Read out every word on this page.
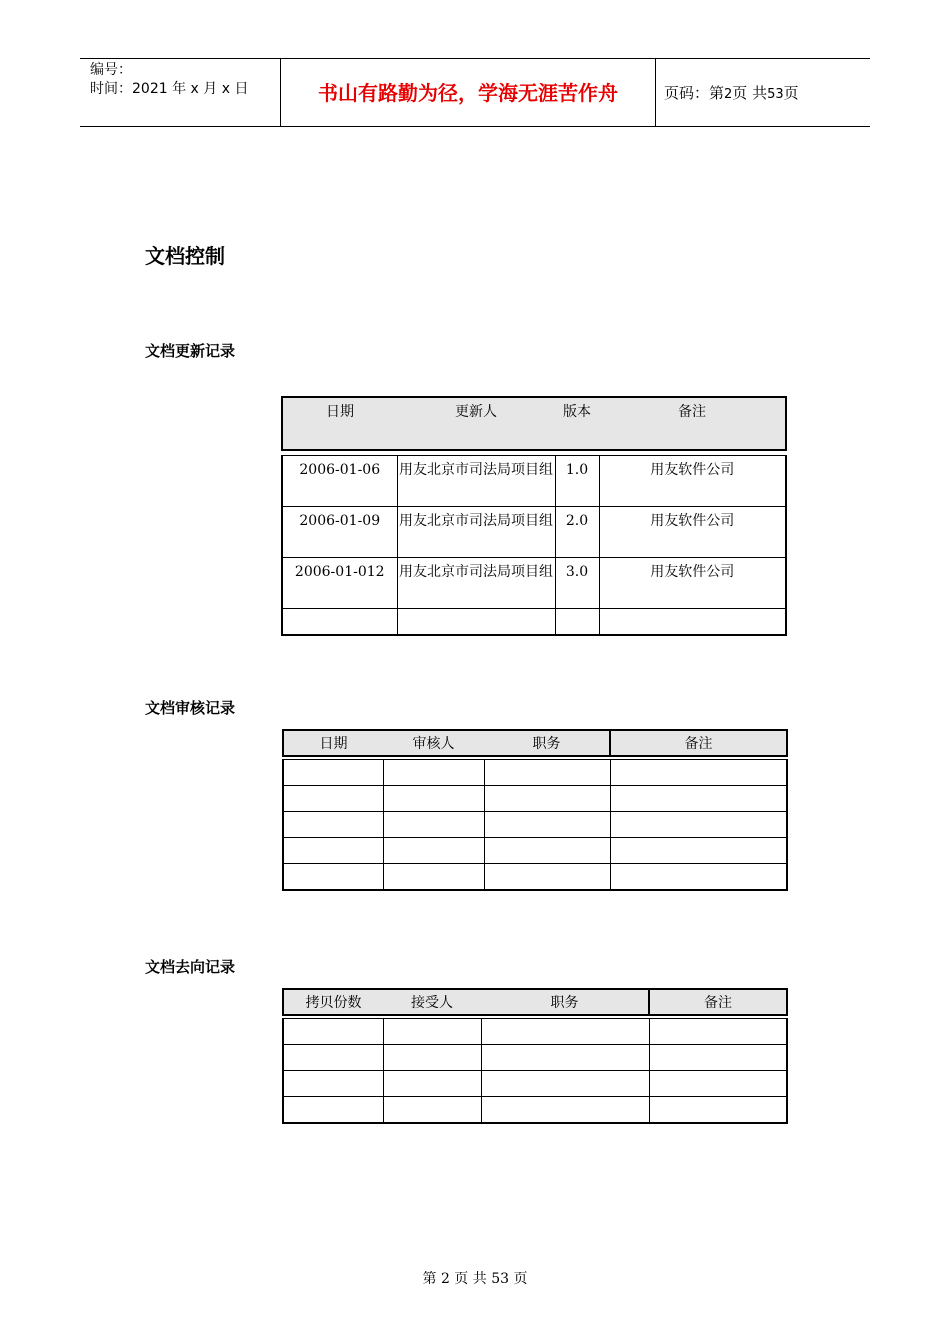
编号：
时间：2021 年 x 月 x 日	书山有路勤为径，学海无涯苦作舟	页码：第2页 共53页
文档控制
文档更新记录
日期	更新人	版本	备注

2006-01-06	用友北京市司法局项目组	1.0	用友软件公司
2006-01-09	用友北京市司法局项目组	2.0	用友软件公司
2006-01-012	用友北京市司法局项目组	3.0	用友软件公司

文档审核记录
日期	审核人	职务	备注

文档去向记录
拷贝份数	接受人	职务	备注

第 2 页 共 53 页
